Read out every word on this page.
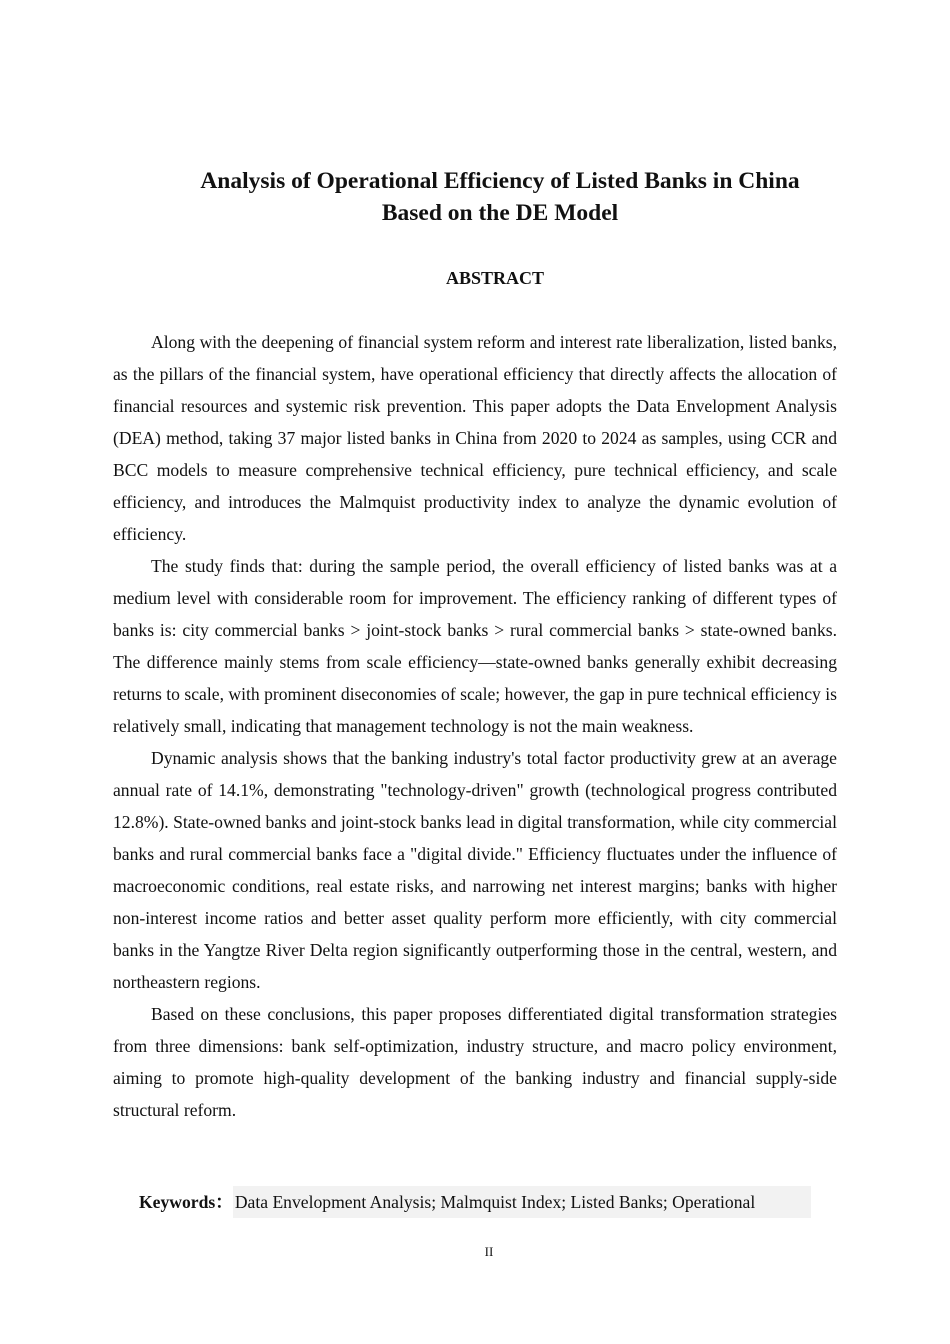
Analysis of Operational Efficiency of Listed Banks in China
Based on the DE Model
ABSTRACT

Along with the deepening of financial system reform and interest rate liberalization, listed banks, as the pillars of the financial system, have operational efficiency that directly affects the allocation of financial resources and systemic risk prevention. This paper adopts the Data Envelopment Analysis (DEA) method, taking 37 major listed banks in China from 2020 to 2024 as samples, using CCR and BCC models to measure comprehensive technical efficiency, pure technical efficiency, and scale efficiency, and introduces the Malmquist productivity index to analyze the dynamic evolution of efficiency.

The study finds that: during the sample period, the overall efficiency of listed banks was at a medium level with considerable room for improvement. The efficiency ranking of different types of banks is: city commercial banks > joint-stock banks > rural commercial banks > state-owned banks. The difference mainly stems from scale efficiency—state-owned banks generally exhibit decreasing returns to scale, with prominent diseconomies of scale; however, the gap in pure technical efficiency is relatively small, indicating that management technology is not the main weakness.

Dynamic analysis shows that the banking industry's total factor productivity grew at an average annual rate of 14.1%, demonstrating "technology-driven" growth (technological progress contributed 12.8%). State-owned banks and joint-stock banks lead in digital transformation, while city commercial banks and rural commercial banks face a "digital divide." Efficiency fluctuates under the influence of macroeconomic conditions, real estate risks, and narrowing net interest margins; banks with higher non-interest income ratios and better asset quality perform more efficiently, with city commercial banks in the Yangtze River Delta region significantly outperforming those in the central, western, and northeastern regions.

Based on these conclusions, this paper proposes differentiated digital transformation strategies from three dimensions: bank self-optimization, industry structure, and macro policy environment, aiming to promote high-quality development of the banking industry and financial supply-side structural reform.

Keywords： Data Envelopment Analysis; Malmquist Index; Listed Banks; Operational
II
